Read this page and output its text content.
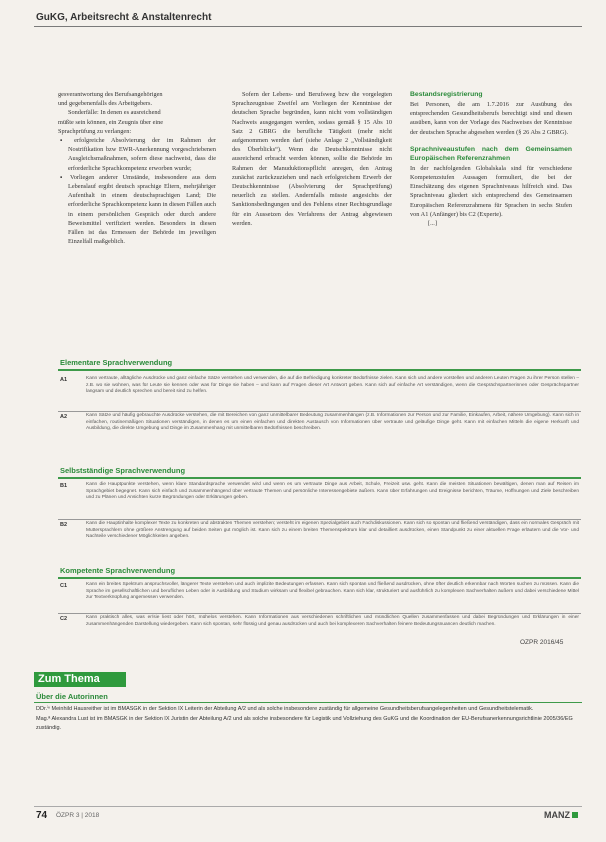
GuKG, Arbeitsrecht & Anstaltenrecht

gesverantwortung des Berufsangehörigen

und gegebenenfalls des Arbeitgebers.

Sonderfälle: In denen es ausreichend

müßte sein können, ein Zeugnis über eine

Sprachprüfung zu verlangen:

▪ erfolgreiche Absolvierung der im Rahmen der Nostrifikation bzw EWR-Anerkennung vorgeschriebenen Ausgleichsmaßnahmen, sofern diese nachweist, dass die erforderliche Sprachkompetenz erworben wurde;

▪ Vorliegen anderer Umstände, insbesondere aus dem Lebenslauf ergibt deutsch sprachige Eltern, mehrjähriger Aufenthalt in einem deutschsprachigen Land; Die erforderliche Sprachkompetenz kann in diesen Fällen auch in einem persönlichen Gespräch oder durch andere Beweismittel verifiziert werden. Besonders in diesen Fällen ist das Ermessen der Behörde im jeweiligen Einzelfall maßgeblich.

Sofern der Lebens- und Berufsweg bzw die vorgelegten Sprachzeugnisse Zweifel am Vorliegen der Kenntnisse der deutschen Sprache begründen, kann nicht vom vollständigen Nachweis ausgegangen werden, sodass gemäß § 15 Abs 10 Satz 2 GBRG die berufliche Tätigkeit (mehr nicht aufgenommen werden darf (siehe Anlage 2 „Vollständigkeit des Überblicks“). Wenn die Deutschkenntnisse nicht ausreichend erbracht werden können, sollte die Behörde im Rahmen der Manuduktionspflicht anregen, den Antrag zunächst zurückzuziehen und nach erfolgreichem Erwerb der Deutschkenntnisse (Absolvierung der Sprachprüfung) neuerlich zu stellen. Andernfalls müsste angesichts der Sanktionsbedingungen und des Fehlens einer Rechtsgrundlage für ein Aussetzen des Verfahrens der Antrag abgewiesen werden.

Bestandsregistrierung

Bei Personen, die am 1.7.2016 zur Ausübung des entsprechenden Gesundheitsberufs berechtigt sind und diesen ausüben, kann von der Vorlage des Nachweises der Kenntnisse der deutschen Sprache abgesehen werden (§ 26 Abs 2 GBRG).

Sprachniveaustufen nach dem Gemeinsamen Europäischen Referenzrahmen

In der nachfolgenden Globalskala sind für verschiedene Kompetenzstufen Aussagen formuliert, die bei der Einschätzung des eigenen Sprachniveaus hilfreich sind. Das Sprachniveau gliedert sich entsprechend des Gemeinsamen Europäischen Referenzrahmens für Sprachen in sechs Stufen von A1 (Anfänger) bis C2 (Experte).

[...]

Elementare Sprachverwendung
A1	Kann vertraute, alltägliche Ausdrücke und ganz einfache Sätze verstehen und verwenden, die auf die Befriedigung konkreter Bedürfnisse zielen. Kann sich und andere vorstellen und anderen Leuten Fragen zu ihrer Person stellen – z.B. wo sie wohnen, was für Leute sie kennen oder was für Dinge sie haben – und kann auf Fragen dieser Art Antwort geben. Kann sich auf einfache Art verständigen, wenn die Gesprächspartnerinnen oder Gesprächspartner langsam und deutlich sprechen und bereit sind zu helfen.
A2	Kann Sätze und häufig gebrauchte Ausdrücke verstehen, die mit Bereichen von ganz unmittelbarer Bedeutung zusammenhängen (z.B. Informationen zur Person und zur Familie, Einkaufen, Arbeit, nähere Umgebung). Kann sich in einfachen, routinemäßigen Situationen verständigen, in denen es um einen einfachen und direkten Austausch von Informationen über vertraute und geläufige Dinge geht. Kann mit einfachen Mitteln die eigene Herkunft und Ausbildung, die direkte Umgebung und Dinge im Zusammenhang mit unmittelbaren Bedürfnissen beschreiben.
Selbstständige Sprachverwendung
B1	Kann die Hauptpunkte verstehen, wenn klare Standardsprache verwendet wird und wenn es um vertraute Dinge aus Arbeit, Schule, Freizeit usw. geht. Kann die meisten Situationen bewältigen, denen man auf Reisen im Sprachgebiet begegnet. Kann sich einfach und zusammenhängend über vertraute Themen und persönliche Interessengebiete äußern. Kann über Erfahrungen und Ereignisse berichten, Träume, Hoffnungen und Ziele beschreiben und zu Plänen und Ansichten kurze Begründungen oder Erklärungen geben.
B2	Kann die Hauptinhalte komplexer Texte zu konkreten und abstrakten Themen verstehen; versteht im eigenen Spezialgebiet auch Fachdiskussionen. Kann sich so spontan und fließend verständigen, dass ein normales Gespräch mit Muttersprachlern ohne größere Anstrengung auf beiden Seiten gut möglich ist. Kann sich zu einem breiten Themenspektrum klar und detailliert ausdrücken, einen Standpunkt zu einer aktuellen Frage erläutern und die Vor- und Nachteile verschiedener Möglichkeiten angeben.
Kompetente Sprachverwendung
C1	Kann ein breites Spektrum anspruchsvoller, längerer Texte verstehen und auch implizite Bedeutungen erfassen. Kann sich spontan und fließend ausdrücken, ohne öfter deutlich erkennbar nach Worten suchen zu müssen. Kann die Sprache im gesellschaftlichen und beruflichen Leben oder in Ausbildung und Studium wirksam und flexibel gebrauchen. Kann sich klar, strukturiert und ausführlich zu komplexen Sachverhalten äußern und dabei verschiedene Mittel zur Textverknüpfung angemessen verwenden.
C2	Kann praktisch alles, was er/sie liest oder hört, mühelos verstehen. Kann Informationen aus verschiedenen schriftlichen und mündlichen Quellen zusammenfassen und dabei Begründungen und Erklärungen in einer zusammenhängenden Darstellung wiedergeben. Kann sich spontan, sehr flüssig und genau ausdrücken und auch bei komplexeren Sachverhalten feinere Bedeutungsnuancen deutlich machen.
OZPR 2016/45
Zum Thema
Über die Autorinnen

DDr.ⁱⁿ Meinhild Hausreither ist im BMASGK in der Sektion IX Leiterin der Abteilung A/2 und als solche insbesondere zuständig für allgemeine Gesundheitsberufsangelegenheiten und Gesundheitstelematik.

Mag.ª Alexandra Lust ist im BMASGK in der Sektion IX Juristin der Abteilung A/2 und als solche insbesondere für Legistik und Vollziehung des GuKG und die Koordination der EU-Berufsanerkennungsrichtlinie 2005/36/EG zuständig.

74 ÖZPR 3 | 2018	MANZ
